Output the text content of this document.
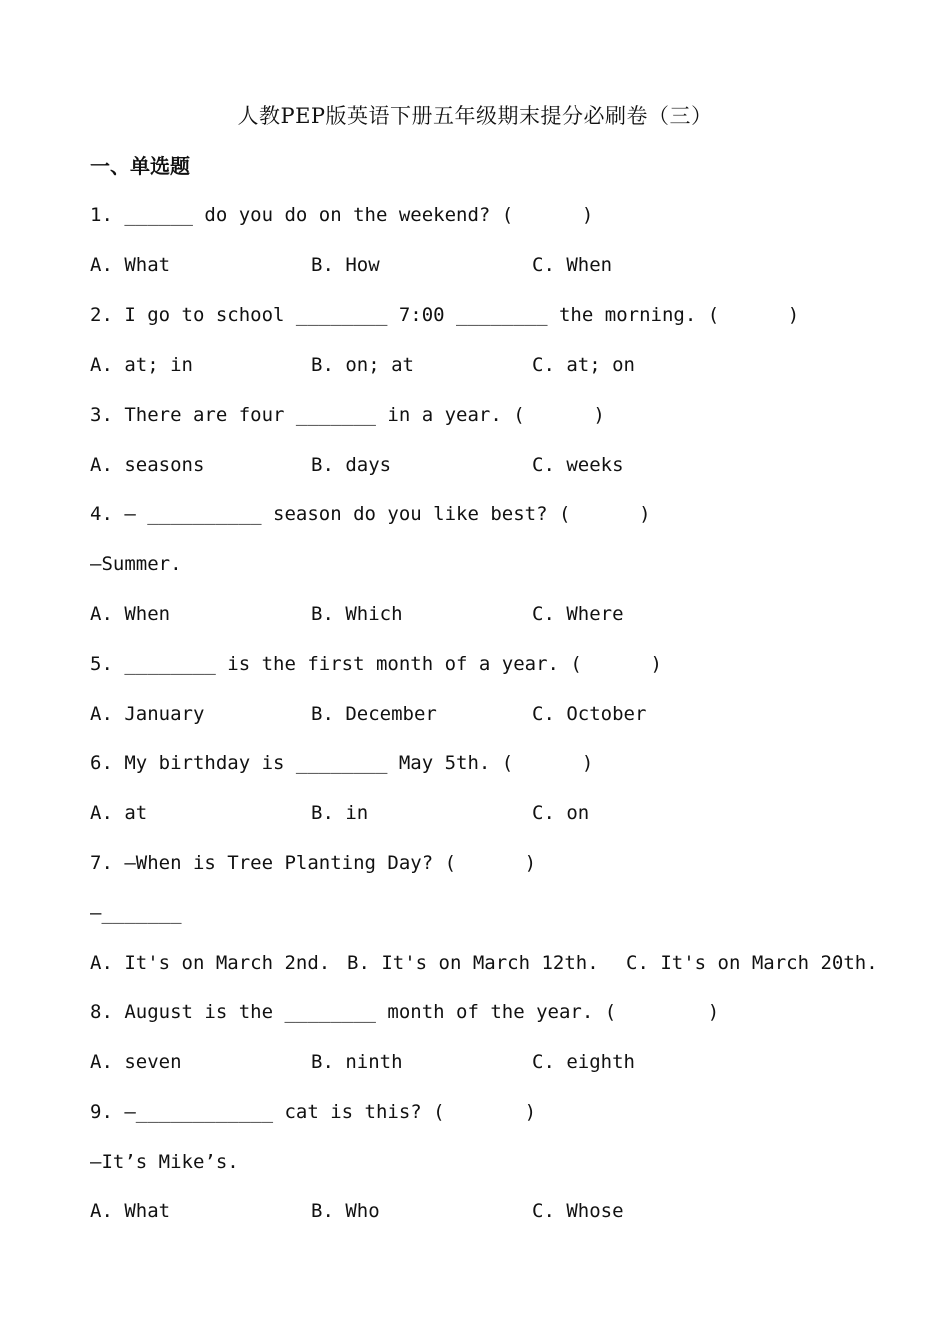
人教PEP版英语下册五年级期末提分必刷卷（三）
一、单选题
1. ______ do you do on the weekend? (      )
A. What	B. How	C. When
2. I go to school ________ 7:00 ________ the morning. (      )
A. at; in	B. on; at	C. at; on
3. There are four _______ in a year. (      )
A. seasons	B. days	C. weeks
4. — __________ season do you like best? (      )
—Summer.
A. When	B. Which	C. Where
5. ________ is the first month of a year. (      )
A. January	B. December	C. October
6. My birthday is ________ May 5th. (      )
A. at	B. in	C. on
7. —When is Tree Planting Day? (      )
—_______
A. It's on March 2nd. B. It's on March 12th. C. It's on March 20th.
8. August is the ________ month of the year. (        )
A. seven	B. ninth	C. eighth
9. —____________ cat is this? (       )
—It’s Mike’s.
A. What	B. Who	C. Whose
